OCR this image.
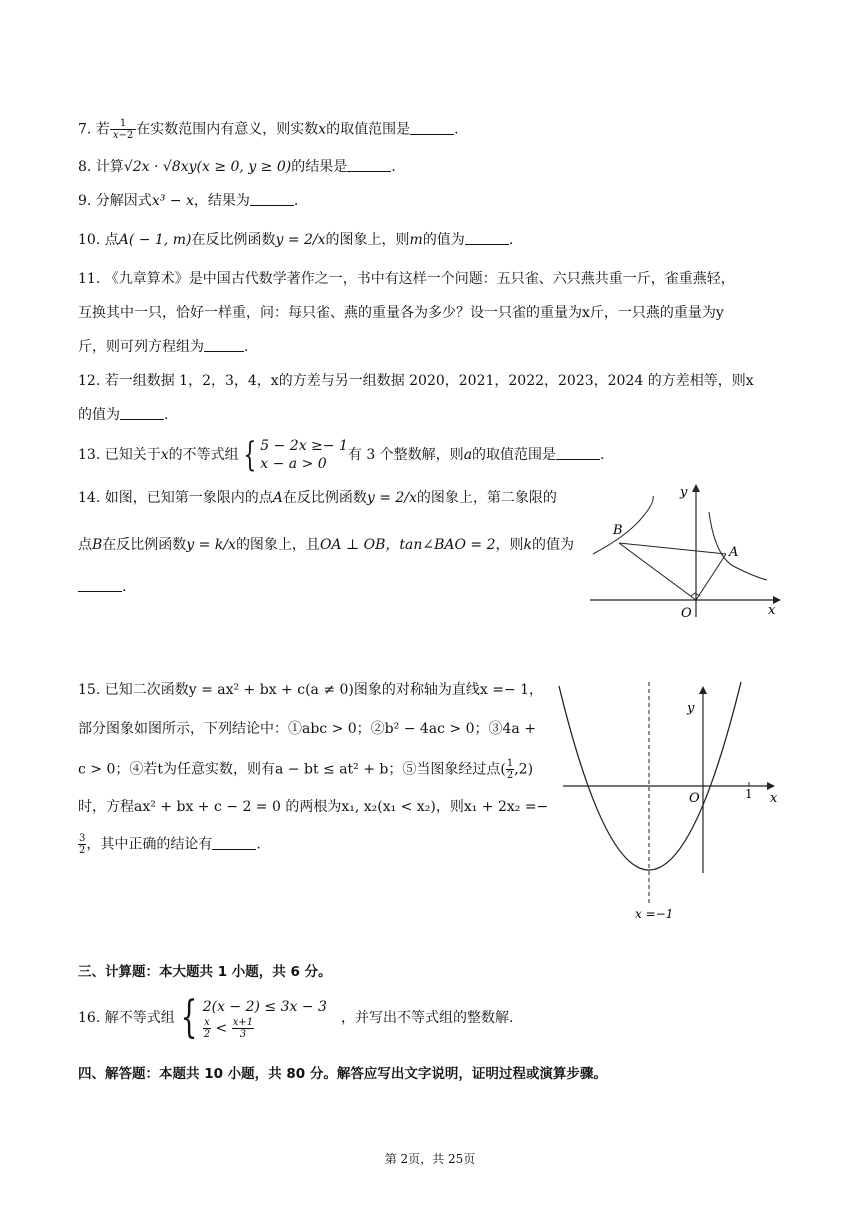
7. 若 $\frac{1}{x-2}$ 在实数范围内有意义，则实数x的取值范围是	.
8. 计算√2x · √8xy(x ≥ 0, y ≥ 0)的结果是	.
9. 分解因式x³ − x，结果为	.
10. 点A( − 1, m)在反比例函数y = 2/x的图象上，则m的值为	.
11. 《九章算术》是中国古代数学著作之一，书中有这样一个问题：五只雀、六只燕共重一斤，雀重燕轻，
互换其中一只，恰好一样重，问：每只雀、燕的重量各为多少？设一只雀的重量为x斤，一只燕的重量为y
斤，则可列方程组为	.
12. 若一组数据 1，2，3，4，x的方差与另一组数据 2020，2021，2022，2023，2024 的方差相等，则x
的值为	.
13. 已知关于x的不等式组 { 5 − 2x ≥− 1
x − a > 0
有 3 个整数解，则a的取值范围是	.
14. 如图，已知第一象限内的点A在反比例函数y = 2/x的图象上，第二象限的
点B在反比例函数y = k/x的图象上，且OA ⊥ OB，tan∠BAO = 2，则k的值为
.
y
x
A
B
O
15. 已知二次函数y = ax² + bx + c(a ≠ 0)图象的对称轴为直线x =− 1，
部分图象如图所示，下列结论中：①abc > 0；②b² − 4ac > 0；③4a +
c > 0；④若t为任意实数，则有a − bt ≤ at² + b；⑤当图象经过点( $\frac{1}{2} ,2$)
时，方程ax² + bx + c − 2 = 0 的两根为x₁, x₂(x₁ < x₂)，则x₁ + 2x₂ =−
$\frac{3}{2}$ ，其中正确的结论有	.
y
x
O	1
x =−1
三、计算题：本大题共 1 小题，共 6 分。
16. 解不等式组 { 2(x − 2) ≤ 3x − 3
$\frac{x}{2} < \frac{x+1}{3}$	，并写出不等式组的整数解.
四、解答题：本题共 10 小题，共 80 分。解答应写出文字说明，证明过程或演算步骤。
第 2页，共 25页
